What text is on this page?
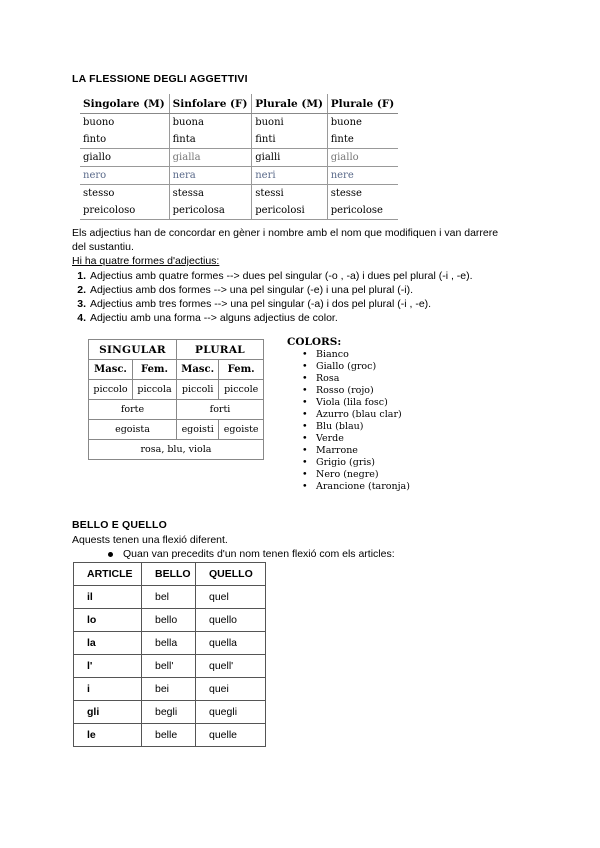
LA FLESSIONE DEGLI AGGETTIVI
Singolare (M)	Sinfolare (F)	Plurale (M)	Plurale (F)
buono	buona	buoni	buone
finto	finta	finti	finte
giallo	gialla	gialli	giallo
nero	nera	neri	nere
stesso	stessa	stessi	stesse
preicoloso	pericolosa	pericolosi	pericolose
Els adjectius han de concordar en gèner i nombre amb el nom que modifiquen i van darrere
del sustantiu.
Hi ha quatre formes d'adjectius:
1. Adjectius amb quatre formes --> dues pel singular (-o , -a) i dues pel plural (-i , -e).
2. Adjectius amb dos formes --> una pel singular (-e) i una pel plural (-i).
3. Adjectius amb tres formes --> una pel singular (-a) i dos pel plural (-i , -e).
4. Adjectiu amb una forma --> alguns adjectius de color.
SINGULAR		PLURAL	
Masc.	Fem.	Masc.	Fem.
piccolo	piccola	piccoli	piccole
forte		forti	
egoista		egoisti	egoiste
rosa, blu, viola			
COLORS:
• Bianco
• Giallo (groc)
• Rosa
• Rosso (rojo)
• Viola (lila fosc)
• Azurro (blau clar)
• Blu (blau)
• Verde
• Marrone
• Grigio (gris)
• Nero (negre)
• Arancione (taronja)
BELLO E QUELLO
Aquests tenen una flexió diferent.
Quan van precedits d'un nom tenen flexió com els articles:
ARTICLE	BELLO	QUELLO
il	bel	quel
lo	bello	quello
la	bella	quella
l'	bell'	quell'
i	bei	quei
gli	begli	quegli
le	belle	quelle
